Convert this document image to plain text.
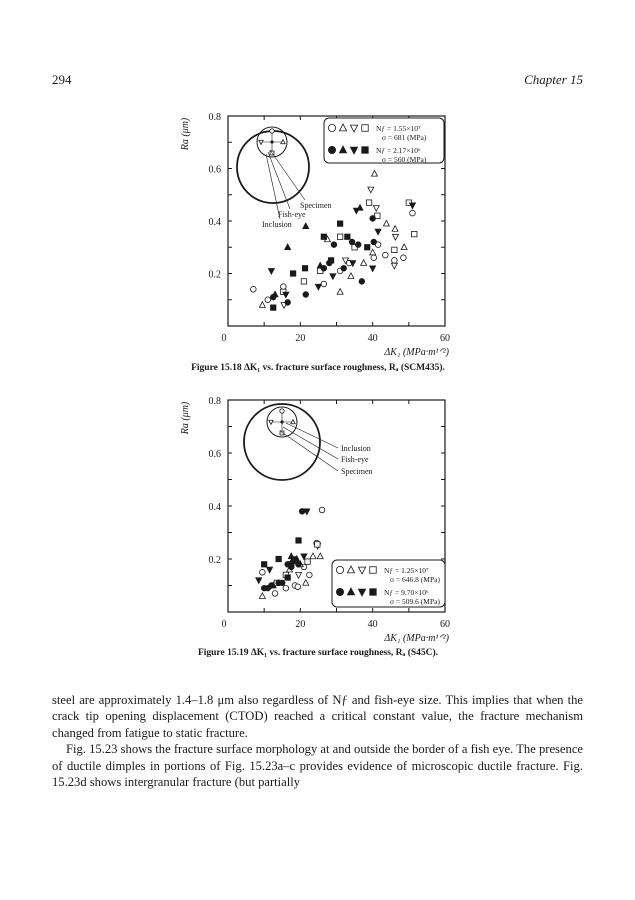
294	Chapter 15
0	20	40	60
0.2
0.4
0.6
0.8
ΔK₁ (MPa·m¹ᐟ²)
Ra (μm)
Figure 15.18 ΔK₁ vs. fracture surface roughness, Rₐ (SCM435).
Specimen
Fish-eye
Inclusion
Nƒ = 1.55×10⁷
σ = 681 (MPa)
Nƒ = 2.17×10⁶
σ = 560 (MPa)
0	20	40	60
0.2
0.4
0.6
0.8
ΔK₁ (MPa·m¹ᐟ²)
Ra (μm)
Figure 15.19 ΔK₁ vs. fracture surface roughness, Rₐ (S45C).
Inclusion
Fish-eye
Specimen
Nƒ = 1.25×10⁷
σ = 646.8 (MPa)
Nƒ = 9.70×10⁶
σ = 509.6 (MPa)

steel are approximately 1.4–1.8 μm also regardless of Nƒ and fish-eye size. This implies that when the crack tip opening displacement (CTOD) reached a critical constant value, the fracture mechanism changed from fatigue to static fracture.

Fig. 15.23 shows the fracture surface morphology at and outside the border of a fish eye. The presence of ductile dimples in portions of Fig. 15.23a–c provides evidence of microscopic ductile fracture. Fig. 15.23d shows intergranular fracture (but partially
